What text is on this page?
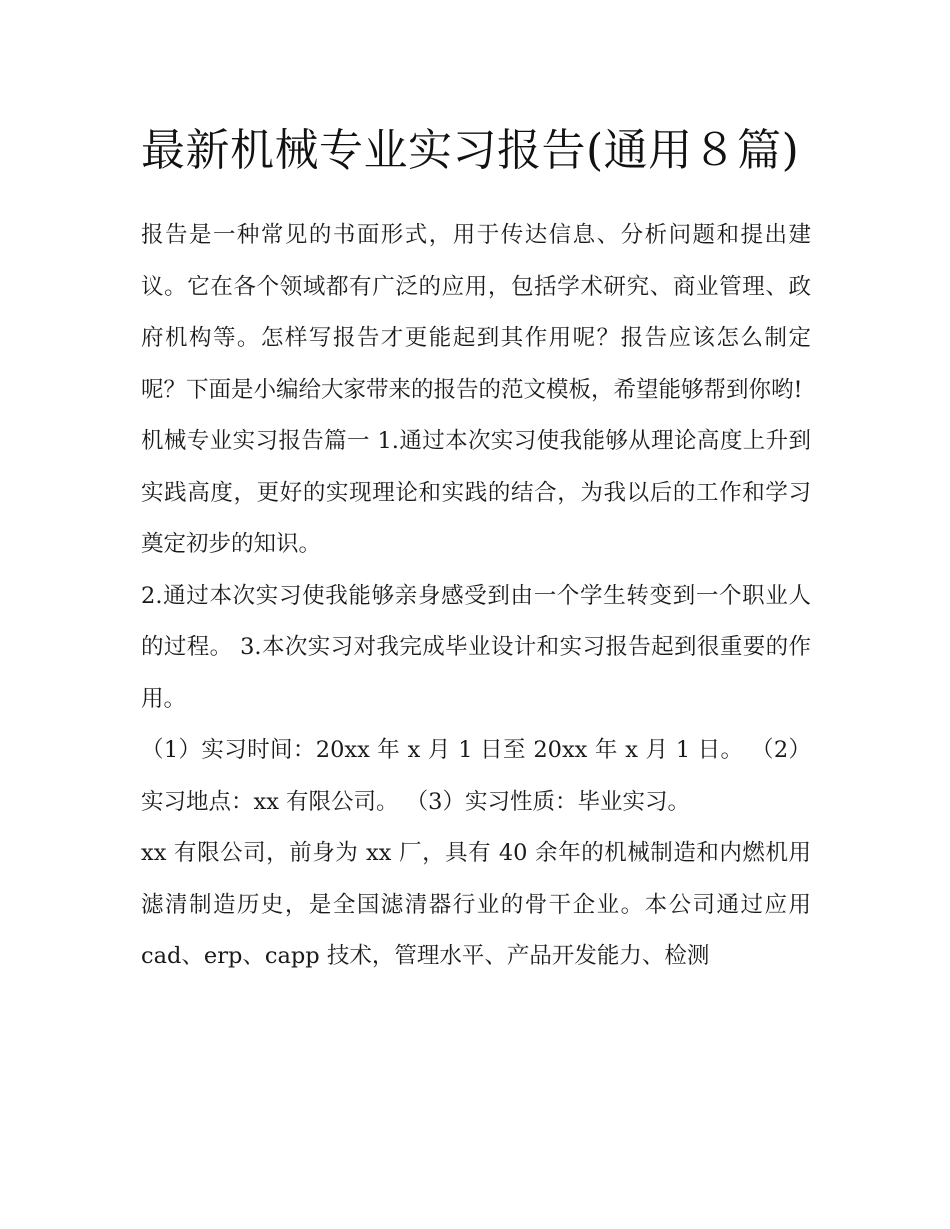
最新机械专业实习报告(通用８篇)

报告是一种常见的书面形式，用于传达信息、分析问题和提出建议。它在各个领域都有广泛的应用，包括学术研究、商业管理、政府机构等。怎样写报告才更能起到其作用呢？报告应该怎么制定呢？下面是小编给大家带来的报告的范文模板，希望能够帮到你哟!

机械专业实习报告篇一 1.通过本次实习使我能够从理论高度上升到实践高度，更好的实现理论和实践的结合，为我以后的工作和学习奠定初步的知识。

2.通过本次实习使我能够亲身感受到由一个学生转变到一个职业人的过程。 3.本次实习对我完成毕业设计和实习报告起到很重要的作用。

（1）实习时间：20xx 年 x 月 1 日至 20xx 年 x 月 1 日。 （2）实习地点：xx 有限公司。 （3）实习性质：毕业实习。

xx 有限公司，前身为 xx 厂，具有 40 余年的机械制造和内燃机用滤清制造历史，是全国滤清器行业的骨干企业。本公司通过应用 cad、erp、capp 技术，管理水平、产品开发能力、检测
